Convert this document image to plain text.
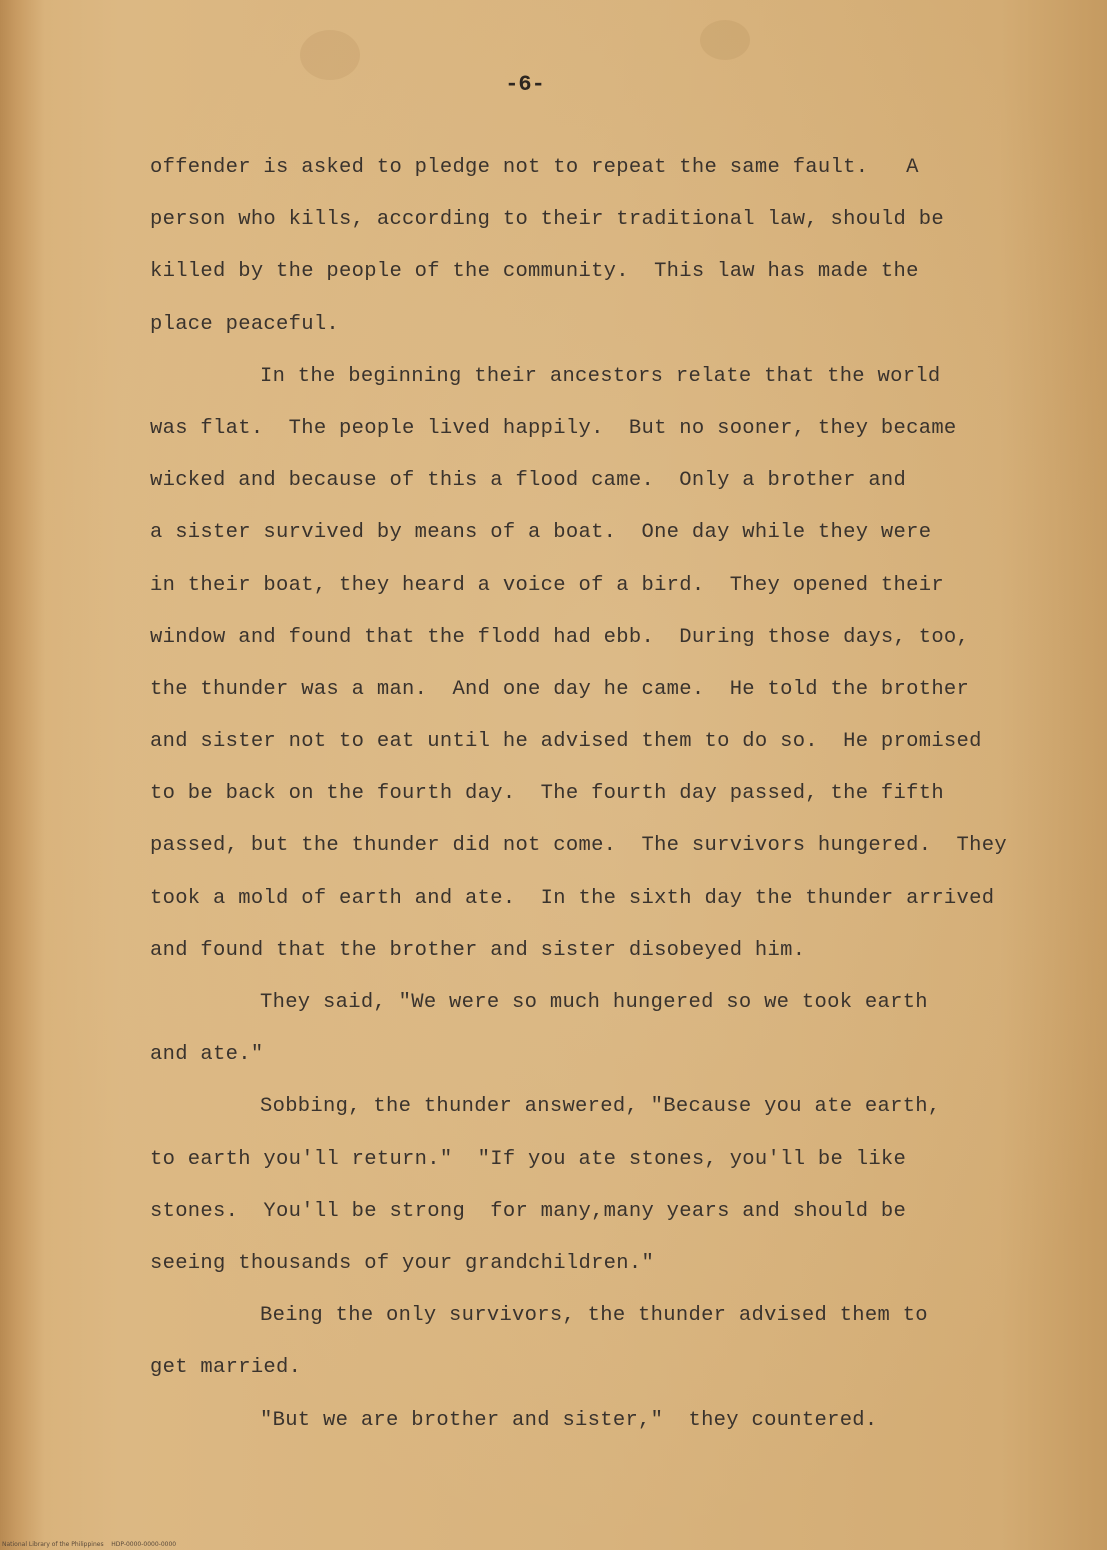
-6-
offender is asked to pledge not to repeat the same fault.   A
person who kills, according to their traditional law, should be
killed by the people of the community.  This law has made the
place peaceful.
In the beginning their ancestors relate that the world
was flat.  The people lived happily.  But no sooner, they became
wicked and because of this a flood came.  Only a brother and
a sister survived by means of a boat.  One day while they were
in their boat, they heard a voice of a bird.  They opened their
window and found that the flodd had ebb.  During those days, too,
the thunder was a man.  And one day he came.  He told the brother
and sister not to eat until he advised them to do so.  He promised
to be back on the fourth day.  The fourth day passed, the fifth
passed, but the thunder did not come.  The survivors hungered.  They
took a mold of earth and ate.  In the sixth day the thunder arrived
and found that the brother and sister disobeyed him.
They said, "We were so much hungered so we took earth
and ate."
Sobbing, the thunder answered, "Because you ate earth,
to earth you'll return."  "If you ate stones, you'll be like
stones.  You'll be strong  for many,many years and should be
seeing thousands of your grandchildren."
Being the only survivors, the thunder advised them to
get married.
"But we are brother and sister,"  they countered.
National Library of the Philippines    HDP-0000-0000-0000
